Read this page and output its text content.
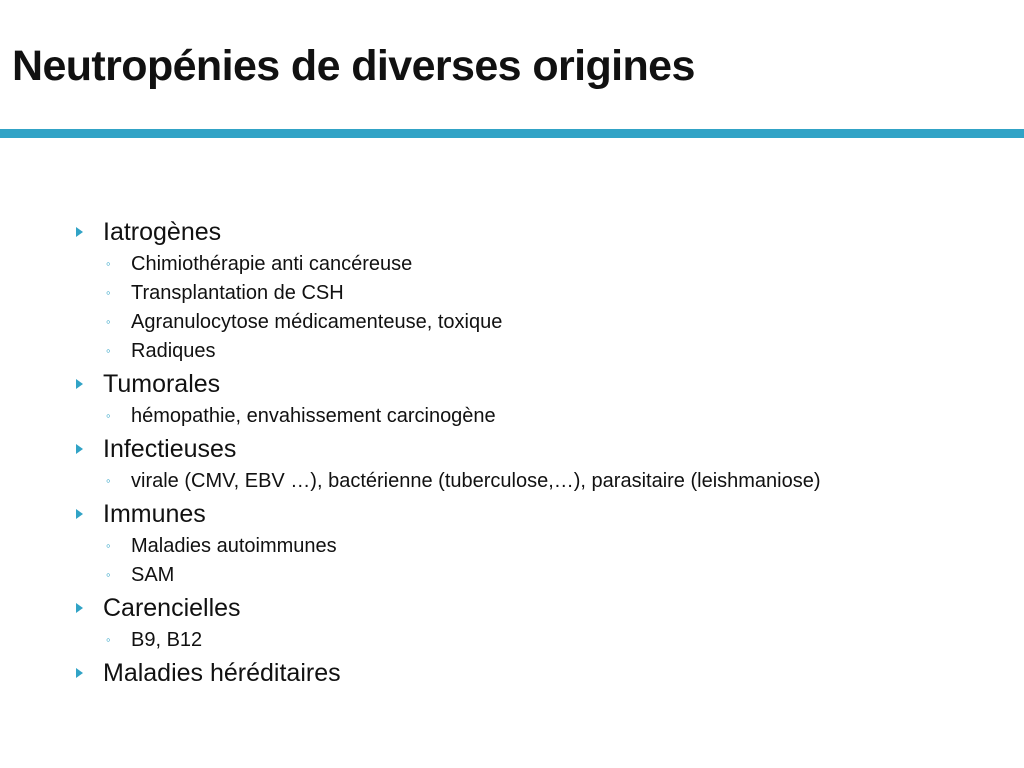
Neutropénies de diverses origines
Iatrogènes
◦ Chimiothérapie anti cancéreuse
◦ Transplantation de CSH
◦ Agranulocytose médicamenteuse, toxique
◦ Radiques
Tumorales
◦ hémopathie, envahissement carcinogène
Infectieuses
◦ virale (CMV, EBV …), bactérienne (tuberculose,…), parasitaire (leishmaniose)
Immunes
◦ Maladies autoimmunes
◦ SAM
Carencielles
◦ B9, B12
Maladies héréditaires
